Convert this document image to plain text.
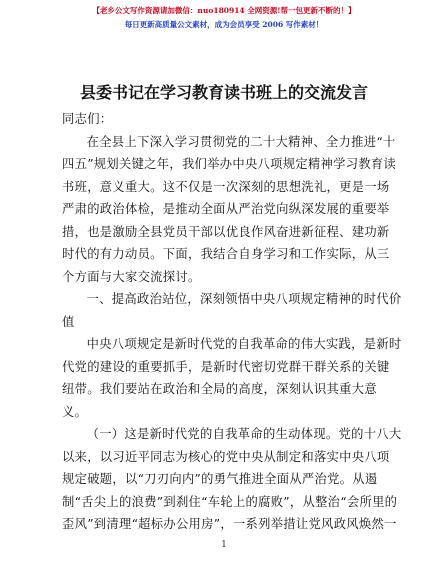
【老乡公文写作资源请加微信：nuo180914 全网资源!帮一包更新不断的！】
每日更新高质量公文素材，成为会员享受 2006 写作素材！
县委书记在学习教育读书班上的交流发言

同志们：

在全县上下深入学习贯彻党的二十大精神、全力推进“十四五”规划关键之年，我们举办中央八项规定精神学习教育读书班，意义重大。这不仅是一次深刻的思想洗礼，更是一场严肃的政治体检，是推动全面从严治党向纵深发展的重要举措，也是激励全县党员干部以优良作风奋进新征程、建功新时代的有力动员。下面，我结合自身学习和工作实际，从三个方面与大家交流探讨。

一、提高政治站位，深刻领悟中央八项规定精神的时代价值

中央八项规定是新时代党的自我革命的伟大实践，是新时代党的建设的重要抓手，是新时代密切党群干群关系的关键纽带。我们要站在政治和全局的高度，深刻认识其重大意义。

（一）这是新时代党的自我革命的生动体现。党的十八大以来，以习近平同志为核心的党中央从制定和落实中央八项规定破题，以“刀刃向内”的勇气推进全面从严治党。从遏制“舌尖上的浪费”到刹住“车轮上的腐败”，从整治“会所里的歪风”到清理“超标办公用房”，一系列举措让党风政风焕然一

1
